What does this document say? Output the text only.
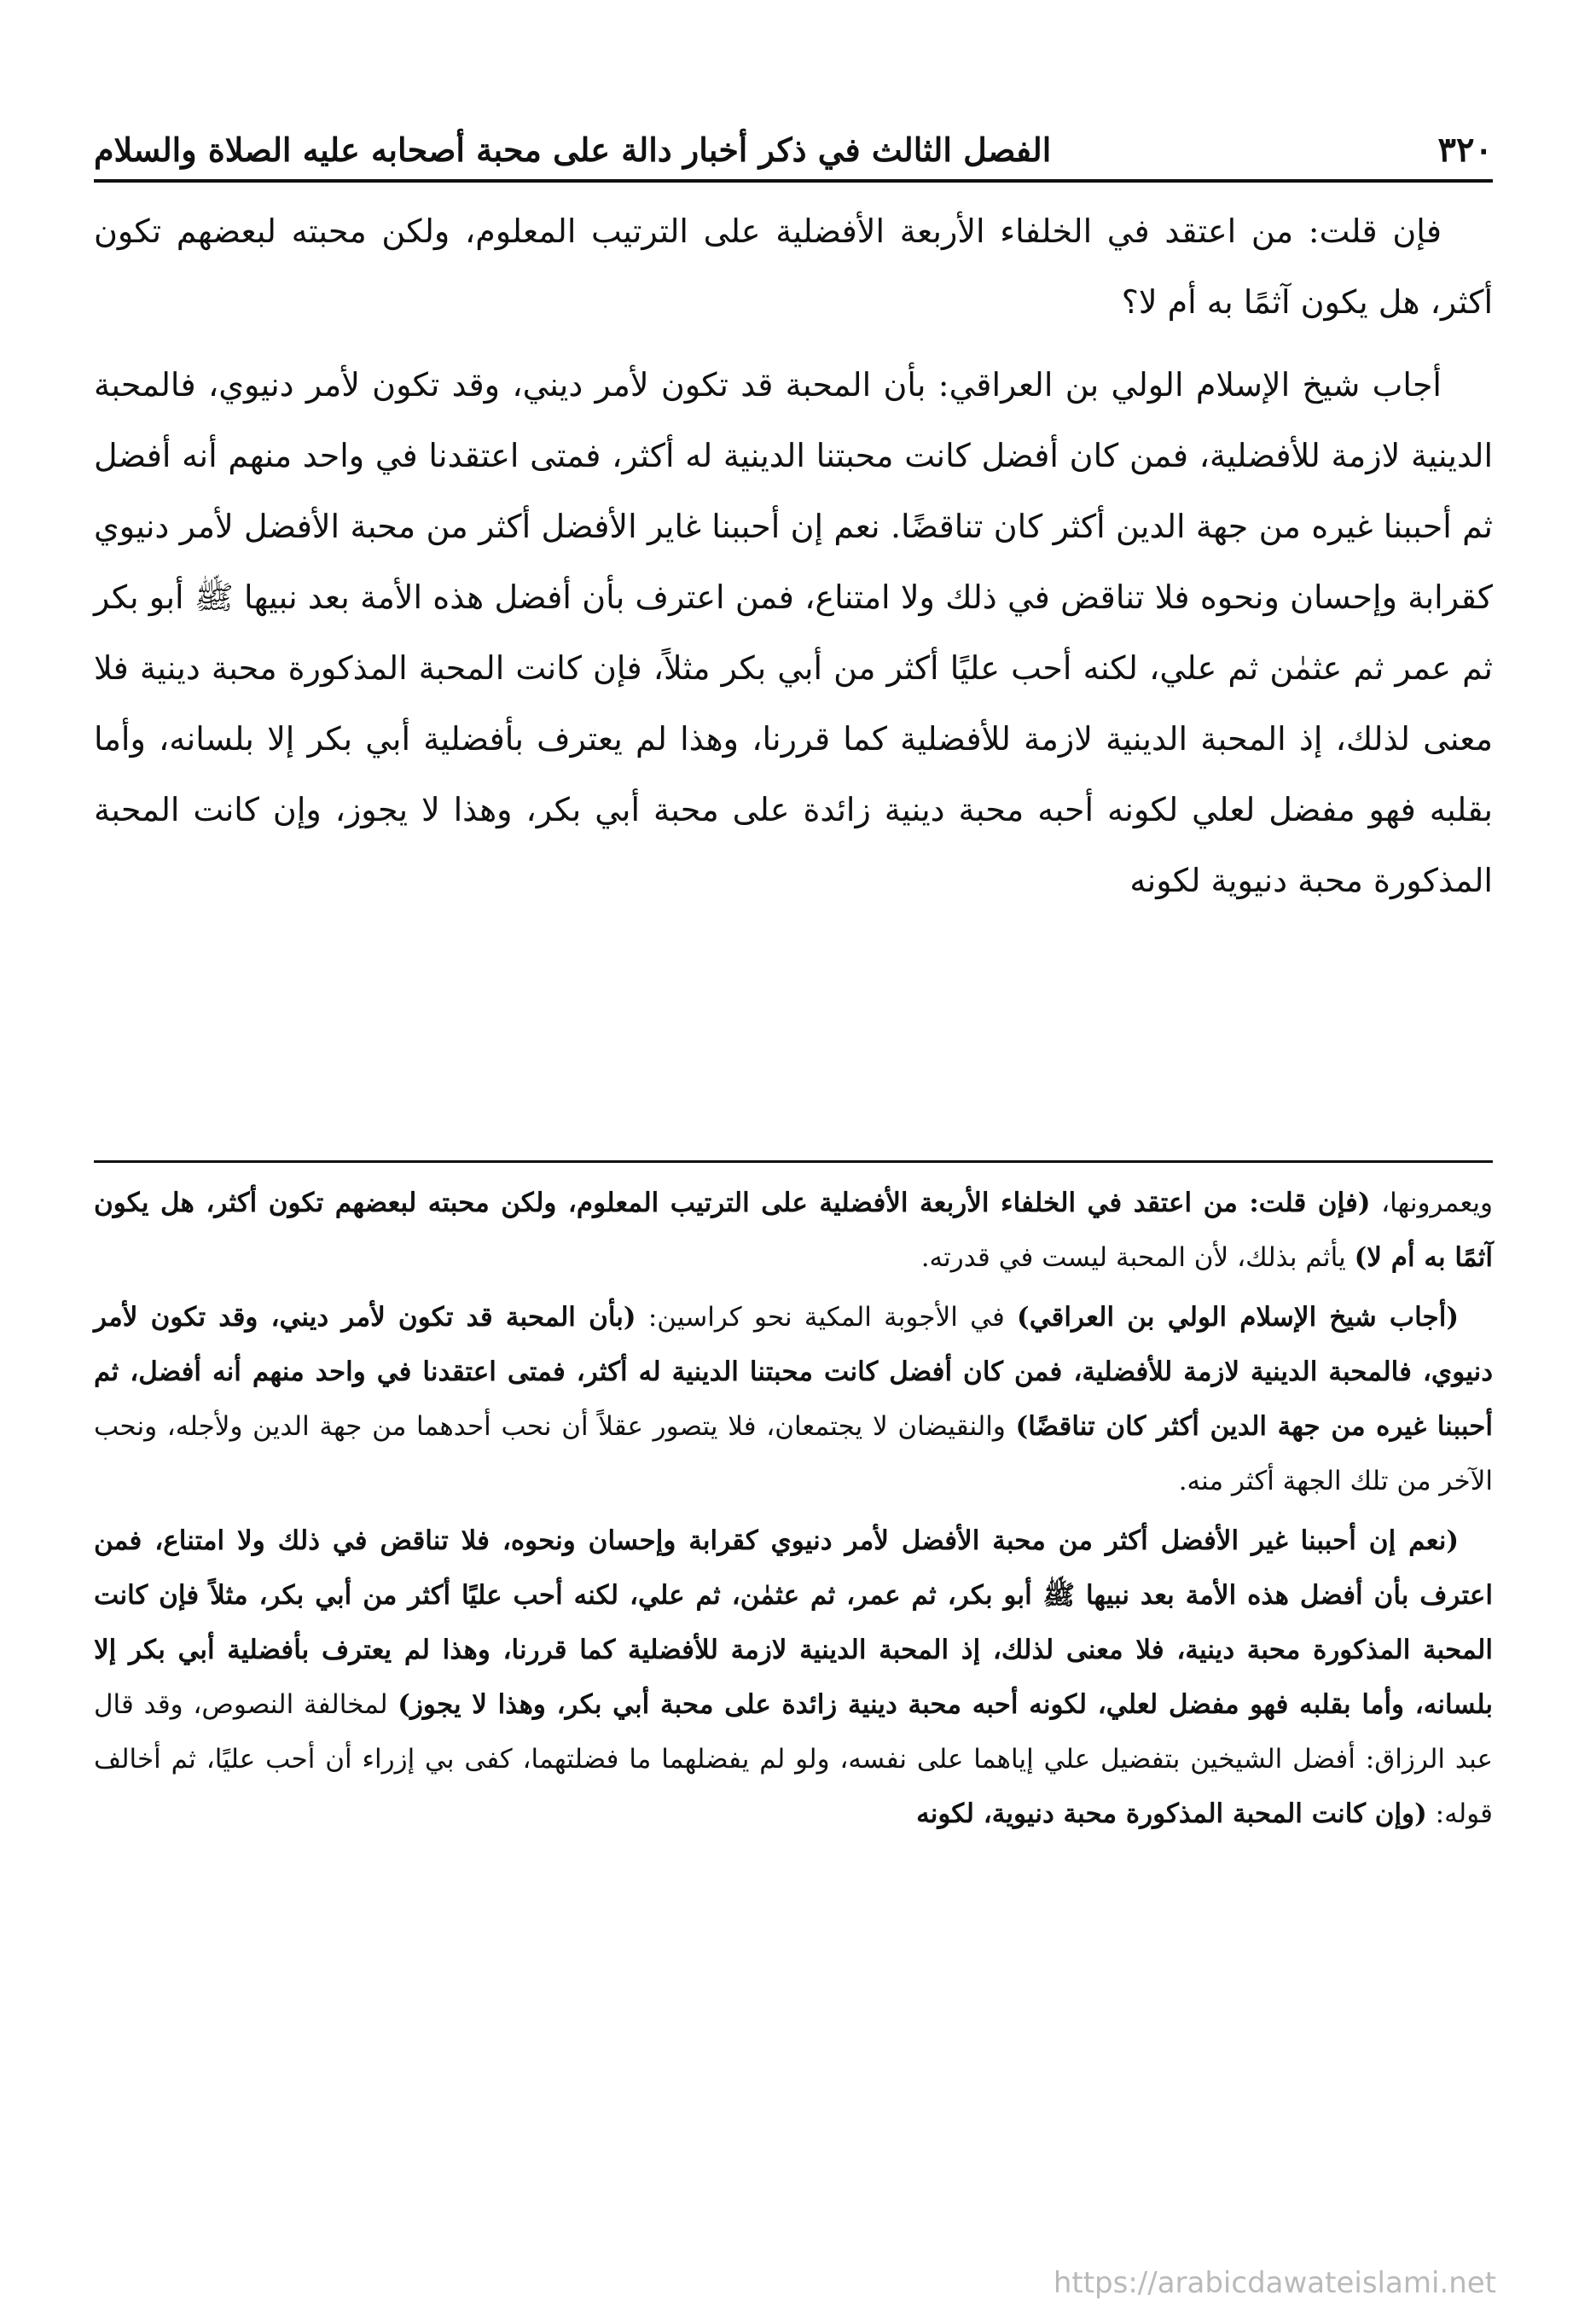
٣٢٠
الفصل الثالث في ذكر أخبار دالة على محبة أصحابه عليه الصلاة والسلام

فإن قلت: من اعتقد في الخلفاء الأربعة الأفضلية على الترتيب المعلوم، ولكن محبته لبعضهم تكون أكثر، هل يكون آثمًا به أم لا؟

أجاب شيخ الإسلام الولي بن العراقي: بأن المحبة قد تكون لأمر ديني، وقد تكون لأمر دنيوي، فالمحبة الدينية لازمة للأفضلية، فمن كان أفضل كانت محبتنا الدينية له أكثر، فمتى اعتقدنا في واحد منهم أنه أفضل ثم أحببنا غيره من جهة الدين أكثر كان تناقضًا. نعم إن أحببنا غاير الأفضل أكثر من محبة الأفضل لأمر دنيوي كقرابة وإحسان ونحوه فلا تناقض في ذلك ولا امتناع، فمن اعترف بأن أفضل هذه الأمة بعد نبيها ﷺ أبو بكر ثم عمر ثم عثمٰن ثم علي، لكنه أحب عليًا أكثر من أبي بكر مثلاً، فإن كانت المحبة المذكورة محبة دينية فلا معنى لذلك، إذ المحبة الدينية لازمة للأفضلية كما قررنا، وهذا لم يعترف بأفضلية أبي بكر إلا بلسانه، وأما بقلبه فهو مفضل لعلي لكونه أحبه محبة دينية زائدة على محبة أبي بكر، وهذا لا يجوز، وإن كانت المحبة المذكورة محبة دنيوية لكونه

ويعمرونها، (فإن قلت: من اعتقد في الخلفاء الأربعة الأفضلية على الترتيب المعلوم، ولكن محبته لبعضهم تكون أكثر، هل يكون آثمًا به أم لا) يأثم بذلك، لأن المحبة ليست في قدرته.

(أجاب شيخ الإسلام الولي بن العراقي) في الأجوبة المكية نحو كراسين: (بأن المحبة قد تكون لأمر ديني، وقد تكون لأمر دنيوي، فالمحبة الدينية لازمة للأفضلية، فمن كان أفضل كانت محبتنا الدينية له أكثر، فمتى اعتقدنا في واحد منهم أنه أفضل، ثم أحببنا غيره من جهة الدين أكثر كان تناقضًا) والنقيضان لا يجتمعان، فلا يتصور عقلاً أن نحب أحدهما من جهة الدين ولأجله، ونحب الآخر من تلك الجهة أكثر منه.

(نعم إن أحببنا غير الأفضل أكثر من محبة الأفضل لأمر دنيوي كقرابة وإحسان ونحوه، فلا تناقض في ذلك ولا امتناع، فمن اعترف بأن أفضل هذه الأمة بعد نبيها ﷺ أبو بكر، ثم عمر، ثم عثمٰن، ثم علي، لكنه أحب عليًا أكثر من أبي بكر، مثلاً فإن كانت المحبة المذكورة محبة دينية، فلا معنى لذلك، إذ المحبة الدينية لازمة للأفضلية كما قررنا، وهذا لم يعترف بأفضلية أبي بكر إلا بلسانه، وأما بقلبه فهو مفضل لعلي، لكونه أحبه محبة دينية زائدة على محبة أبي بكر، وهذا لا يجوز) لمخالفة النصوص، وقد قال عبد الرزاق: أفضل الشيخين بتفضيل علي إياهما على نفسه، ولو لم يفضلهما ما فضلتهما، كفى بي إزراء أن أحب عليًا، ثم أخالف قوله: (وإن كانت المحبة المذكورة محبة دنيوية، لكونه

https://arabicdawateislami.net
